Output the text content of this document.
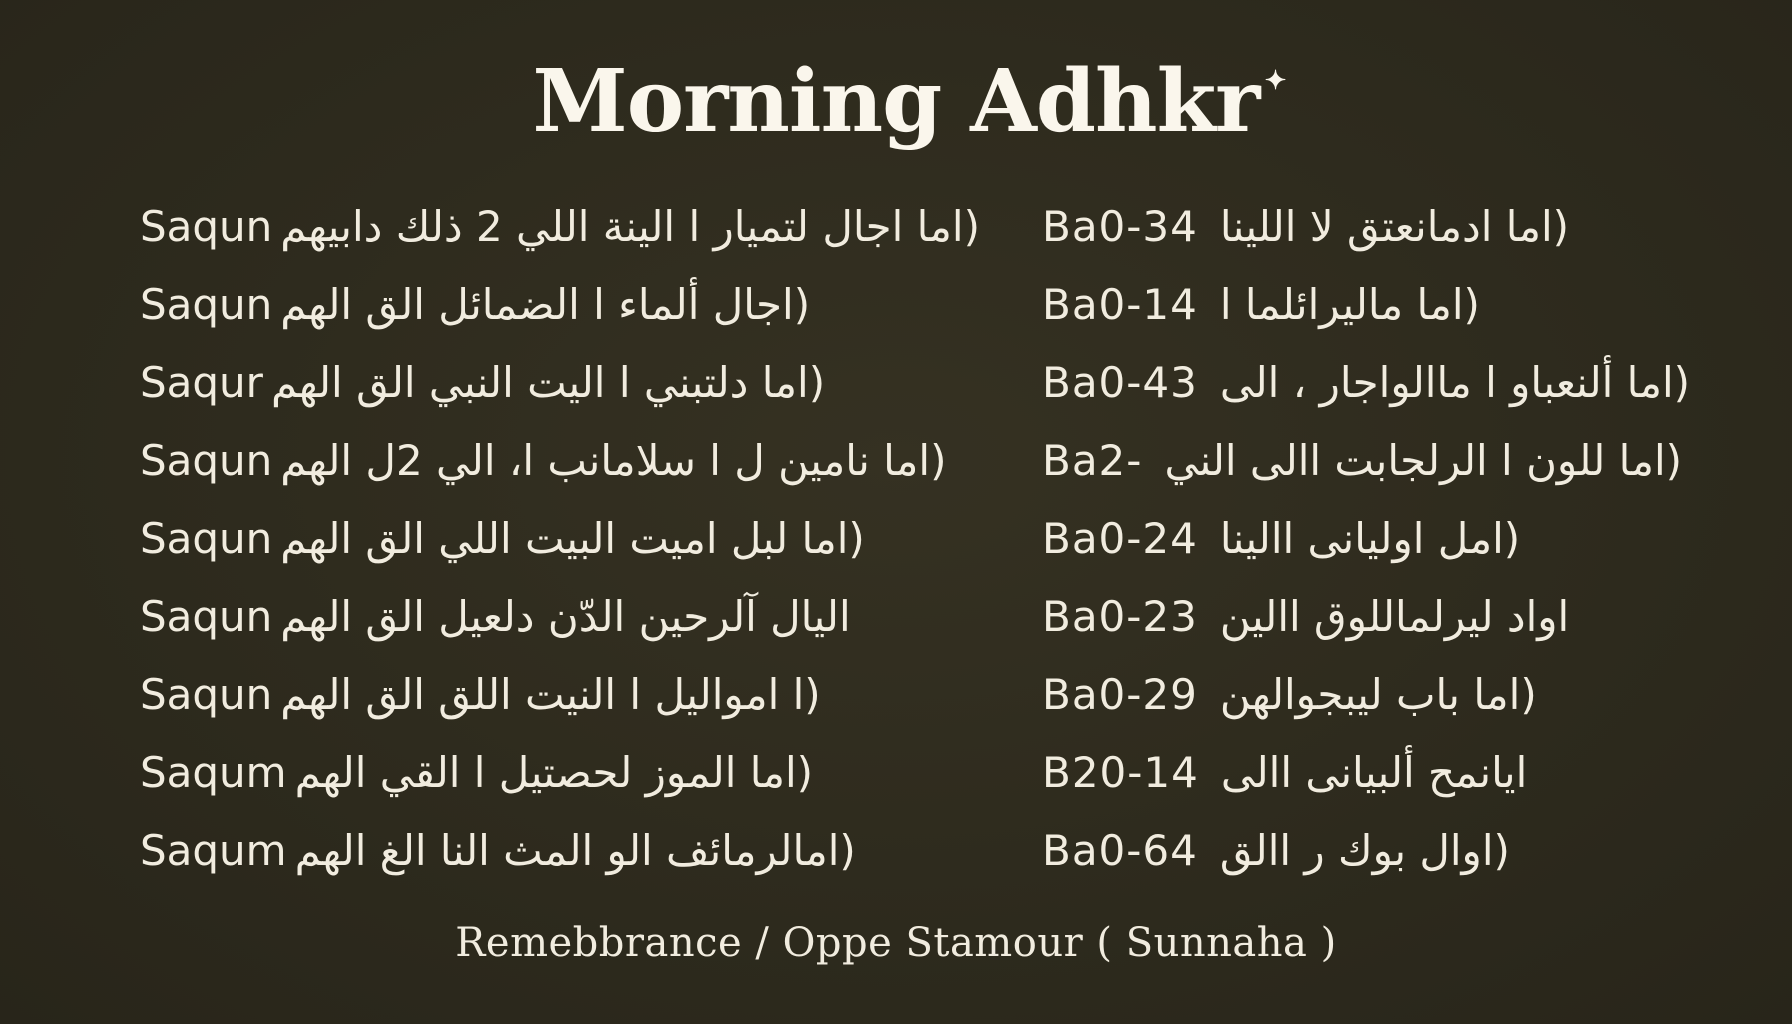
Morning Adhkr ✦
Saqun (اما اجال لتميار ا الينة اللي 2 ذلك دابيهم
Saqun (اجال ألماء ا الضمائل الق الهم
Saqur (اما دلتبني ا اليت النبي الق الهم
Saqun (اما نامين ل ا سلامانب ا، الي 2ل الهم
Saqun (اما لبل اميت البيت اللي الق الهم
Saqun اليال آلرحين الدّن دلعيل الق الهم
Saqun (ا امواليل ا النيت اللق الق الهم
Saqum (اما الموز لحصتيل ا القي الهم
Saqum (امالرمائف الو المث النا الغ الهم
Ba0-34 (اما ادمانعتق لا اللينا
Ba0-14 (اما ماليرائلما ا
Ba0-43 (اما ألنعباو ا ماالواجار ، الى
Ba2- (اما للون ا الرلجابت االى الني
Ba0-24 (امل اوليانى االينا
Ba0-23 اواد ليرلماللوق االين
Ba0-29 (اما باب ليبجوالهن
B20-14 ايانمح ألبيانى االى
Ba0-64 (اوال بوك ر االق
Remebbrance / Oppe Stamour ( Sunnaha )
